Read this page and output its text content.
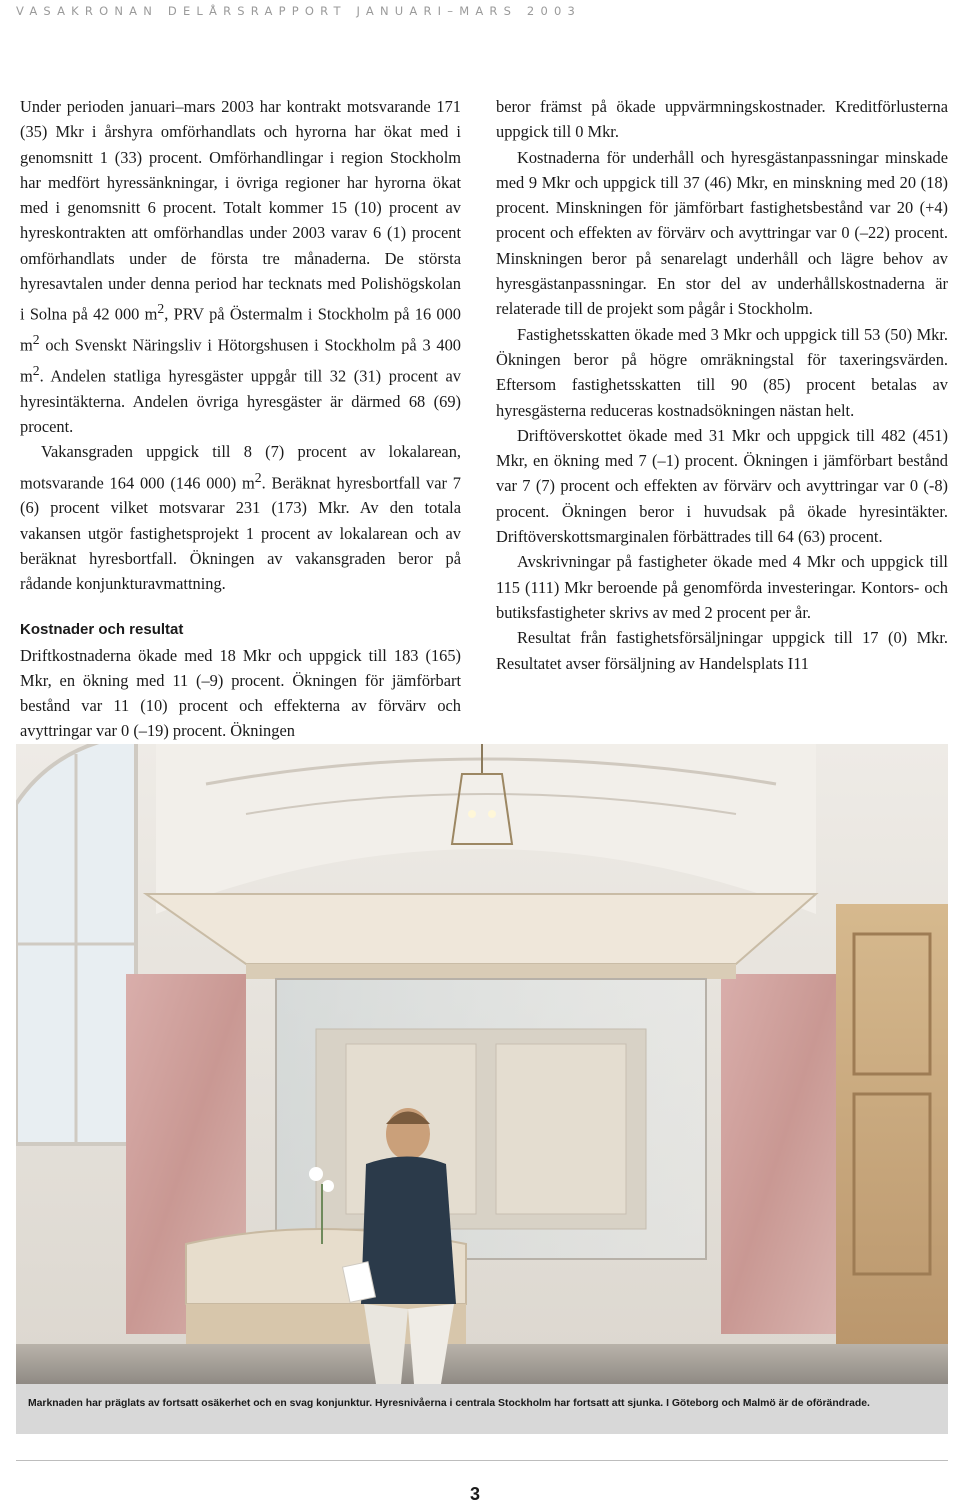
VASAKRONAN DELÅRSRAPPORT JANUARI–MARS 2003

Under perioden januari–mars 2003 har kontrakt motsvarande 171 (35) Mkr i årshyra omförhandlats och hyrorna har ökat med i genomsnitt 1 (33) procent. Omförhandlingar i region Stockholm har medfört hyressänkningar, i övriga regioner har hyrorna ökat med i genomsnitt 6 procent. Totalt kommer 15 (10) procent av hyreskontrakten att omförhandlas under 2003 varav 6 (1) procent omförhandlats under de första tre månaderna. De största hyresavtalen under denna period har tecknats med Polishögskolan i Solna på 42 000 $m^2$, PRV på Östermalm i Stockholm på 16 000 $m^2$ och Svenskt Näringsliv i Hötorgshusen i Stockholm på 3 400 $m^2$. Andelen statliga hyresgäster uppgår till 32 (31) procent av hyresintäkterna. Andelen övriga hyresgäster är därmed 68 (69) procent.

Vakansgraden uppgick till 8 (7) procent av lokalarean, motsvarande 164 000 (146 000) $m^2$. Beräknat hyresbortfall var 7 (6) procent vilket motsvarar 231 (173) Mkr. Av den totala vakansen utgör fastighetsprojekt 1 procent av lokalarean och av beräknat hyresbortfall. Ökningen av vakansgraden beror på rådande konjunkturavmattning.

Kostnader och resultat

Driftkostnaderna ökade med 18 Mkr och uppgick till 183 (165) Mkr, en ökning med 11 (–9) procent. Ökningen för jämförbart bestånd var 11 (10) procent och effekterna av förvärv och avyttringar var 0 (–19) procent. Ökningen

beror främst på ökade uppvärmningskostnader. Kreditförlusterna uppgick till 0 Mkr.

Kostnaderna för underhåll och hyresgästanpassningar minskade med 9 Mkr och uppgick till 37 (46) Mkr, en minskning med 20 (18) procent. Minskningen för jämförbart fastighetsbestånd var 20 (+4) procent och effekten av förvärv och avyttringar var 0 (–22) procent. Minskningen beror på senarelagt underhåll och lägre behov av hyresgästanpassningar. En stor del av underhållskostnaderna är relaterade till de projekt som pågår i Stockholm.

Fastighetsskatten ökade med 3 Mkr och uppgick till 53 (50) Mkr. Ökningen beror på högre omräkningstal för taxeringsvärden. Eftersom fastighetsskatten till 90 (85) procent betalas av hyresgästerna reduceras kostnadsökningen nästan helt.

Driftöverskottet ökade med 31 Mkr och uppgick till 482 (451) Mkr, en ökning med 7 (–1) procent. Ökningen i jämförbart bestånd var 7 (7) procent och effekten av förvärv och avyttringar var 0 (-8) procent. Ökningen beror i huvudsak på ökade hyresintäkter. Driftöverskottsmarginalen förbättrades till 64 (63) procent.

Avskrivningar på fastigheter ökade med 4 Mkr och uppgick till 115 (111) Mkr beroende på genomförda investeringar. Kontors- och butiksfastigheter skrivs av med 2 procent per år.

Resultat från fastighetsförsäljningar uppgick till 17 (0) Mkr. Resultatet avser försäljning av Handelsplats I11

Marknaden har präglats av fortsatt osäkerhet och en svag konjunktur. Hyresnivåerna i centrala Stockholm har fortsatt att sjunka. I Göteborg och Malmö är de oförändrade.
3
